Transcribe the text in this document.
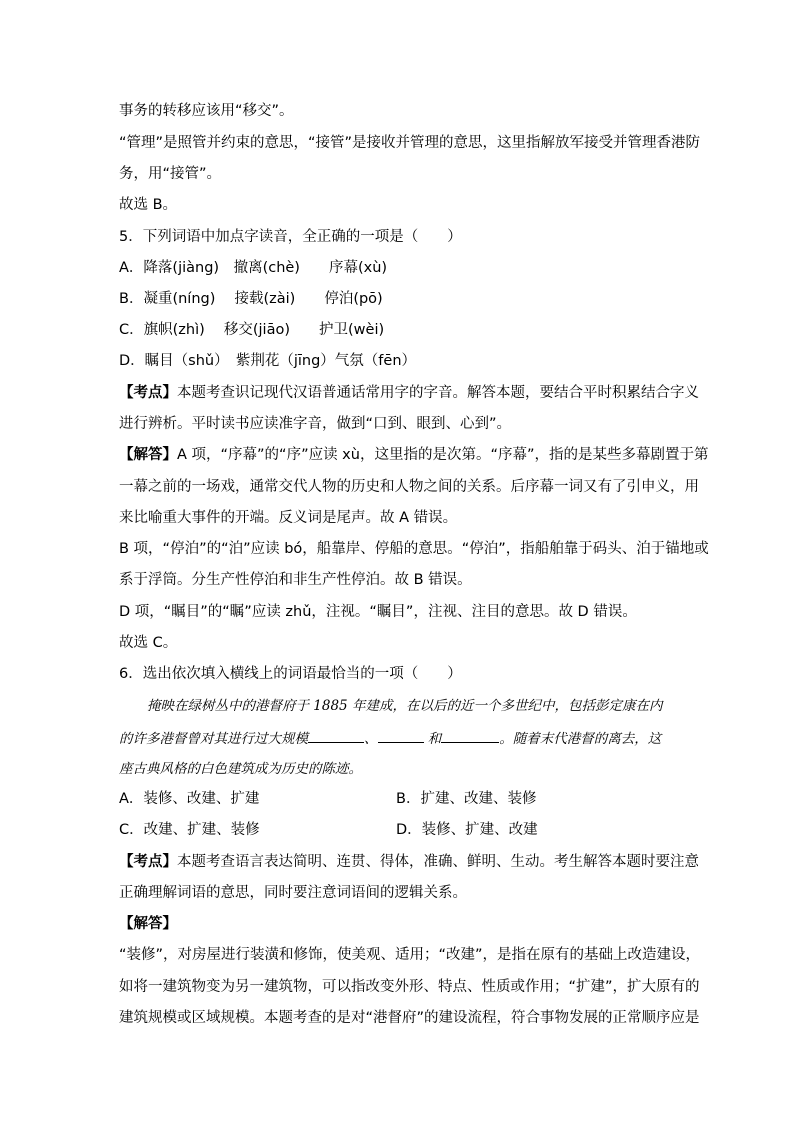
事务的转移应该用“移交”。
“管理”是照管并约束的意思，“接管”是接收并管理的意思，这里指解放军接受并管理香港防
务，用“接管”。
故选 B。
5．下列词语中加点字读音，全正确的一项是（　　）
A．降落(jiàng)　撤离(chè)　　序幕(xù)
B．凝重(níng)　 接载(zài)　　停泊(pō)
C．旗帜(zhì)　 移交(jiāo)　　护卫(wèi)
D．瞩目（shǔ）　紫荆花（jīng）气氛（fēn）
【考点】本题考查识记现代汉语普通话常用字的字音。解答本题，要结合平时积累结合字义
进行辨析。平时读书应读准字音，做到“口到、眼到、心到”。
【解答】A 项，“序幕”的“序”应读 xù，这里指的是次第。“序幕”，指的是某些多幕剧置于第
一幕之前的一场戏，通常交代人物的历史和人物之间的关系。后序幕一词又有了引申义，用
来比喻重大事件的开端。反义词是尾声。故 A 错误。
B 项，“停泊”的“泊”应读 bó，船靠岸、停船的意思。“停泊”，指船舶靠于码头、泊于锚地或
系于浮筒。分生产性停泊和非生产性停泊。故 B 错误。
D 项，“瞩目”的“瞩”应读 zhǔ，注视。“瞩目”，注视、注目的意思。故 D 错误。
故选 C。
6．选出依次填入横线上的词语最恰当的一项（　　）
掩映在绿树丛中的港督府于 1885 年建成，在以后的近一个多世纪中，包括彭定康在内
的许多港督曾对其进行过大规模	、	和	。随着末代港督的离去，这
座古典风格的白色建筑成为历史的陈迹。
A．装修、改建、扩建	B．扩建、改建、装修
C．改建、扩建、装修	D．装修、扩建、改建
【考点】本题考查语言表达简明、连贯、得体，准确、鲜明、生动。考生解答本题时要注意
正确理解词语的意思，同时要注意词语间的逻辑关系。
【解答】
“装修”，对房屋进行装潢和修饰，使美观、适用；“改建”，是指在原有的基础上改造建设，
如将一建筑物变为另一建筑物，可以指改变外形、特点、性质或作用；“扩建”，扩大原有的
建筑规模或区域规模。本题考查的是对“港督府”的建设流程，符合事物发展的正常顺序应是
